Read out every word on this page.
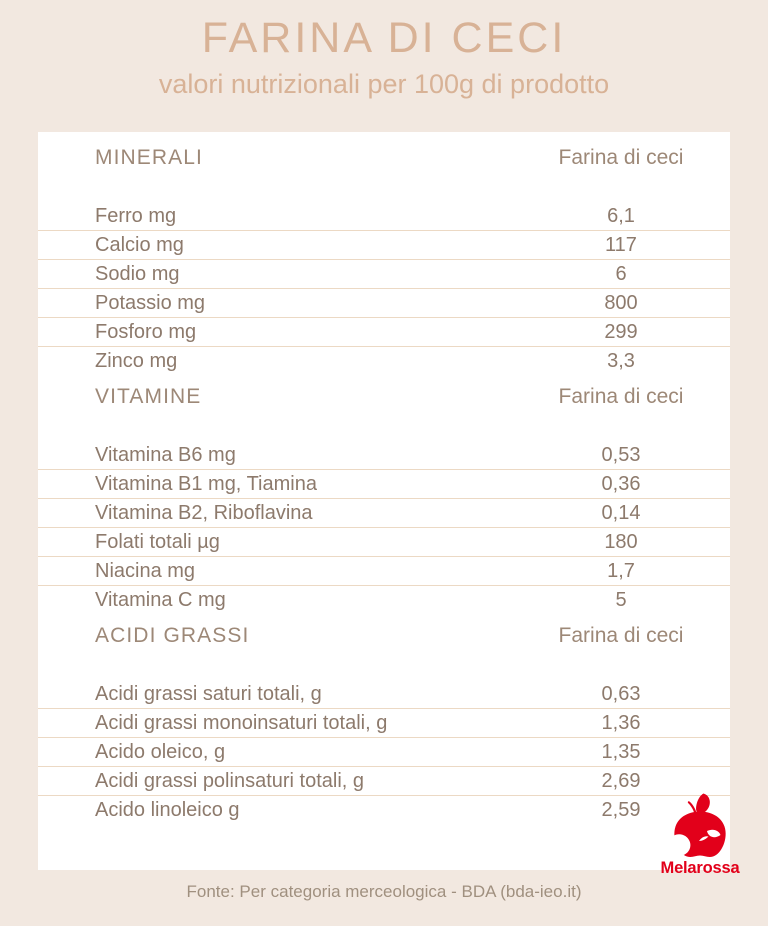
FARINA DI CECI

valori nutrizionali per 100g di prodotto

MINERALI	Farina di ceci
Ferro mg	6,1
Calcio mg	117
Sodio mg	6
Potassio mg	800
Fosforo mg	299
Zinco mg	3,3
VITAMINE	Farina di ceci
Vitamina B6 mg	0,53
Vitamina B1 mg, Tiamina	0,36
Vitamina B2, Riboflavina	0,14
Folati totali µg	180
Niacina mg	1,7
Vitamina C mg	5
ACIDI GRASSI	Farina di ceci
Acidi grassi saturi totali, g	0,63
Acidi grassi monoinsaturi totali, g	1,36
Acido oleico, g	1,35
Acidi grassi polinsaturi totali, g	2,69
Acido linoleico g	2,59
Melarossa
Fonte: Per categoria merceologica - BDA (bda-ieo.it)
